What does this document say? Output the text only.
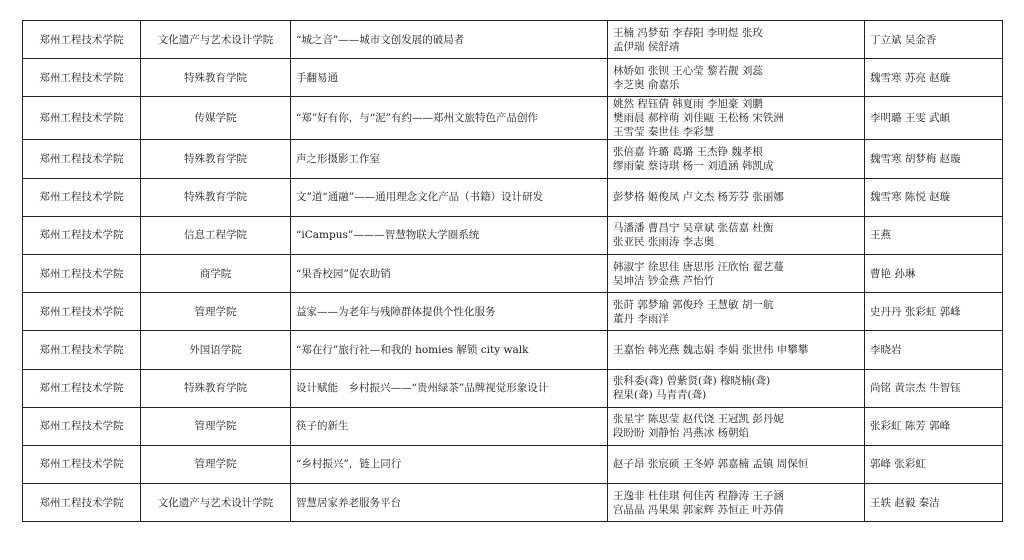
郑州工程技术学院	文化遗产与艺术设计学院	“城之音”——城市文创发展的破局者	王楠 冯梦茹 李春阳 李明煜 张玫
孟伊瑞 侯舒靖	丁立斌 吴金香
郑州工程技术学院	特殊教育学院	手翻易通	林娇如 张钡 王心莹 黎若靓 刘蕊
李芝奥 俞嘉乐	魏雪寒 苏亮 赵璇
郑州工程技术学院	传媒学院	“郑”好有你，与“泥”有约——郑州文旅特色产品创作	姚然 程钰倩 韩夏雨 李旭豪 刘鹏
樊雨晨 郝梓萌 刘佳甌 王松杨 宋铁洲
王雪莹 秦世佳 李彩慧	李明璐 王雯 武頔
郑州工程技术学院	特殊教育学院	声之形摄影工作室	张倍嘉 许璐 葛璐 王杰铮 魏孝根
缪雨蒙 蔡诗琪 杨一 刘逍涵 韩凯成	魏雪寒 胡梦梅 赵璇
郑州工程技术学院	特殊教育学院	文”道“通融”——通用理念文化产品（书籍）设计研发	彭梦格 姬俊凤 卢文杰 杨芳芬 张丽娜	魏雪寒 陈悦 赵璇
郑州工程技术学院	信息工程学院	“iCampus”———智慧物联大学圈系统	马潘潘 曹昌宁 吴章斌 张蓓嘉 杜衡
张亚民 张雨涛 李志奥	王燕
郑州工程技术学院	商学院	“果香校园”促农助销	韩淑宇 徐思佳 唐思彤 汪欣怡 翟艺蔓
吴坤洁 钞金燕 芦怡竹	曹艳 孙琳
郑州工程技术学院	管理学院	益家——为老年与残障群体提供个性化服务	张莳 郭梦瑜 郭俊玲 王慧敏 胡一航
董丹 李雨洋	史丹丹 张彩虹 郭峰
郑州工程技术学院	外国语学院	“郑在行”旅行社—和我的 homies 解锁 city walk	王嘉怡 韩光燕 魏志娟 李娟 张世伟 申攀攀	李晓岩
郑州工程技术学院	特殊教育学院	设计赋能　乡村振兴——“贵州绿茶”品牌视觉形象设计	张科委(聋) 曾紫贤(聋) 穆晓楠(聋)
程果(聋) 马青青(聋)	尚铭 黄宗杰 牛智钰
郑州工程技术学院	管理学院	筷子的新生	张星宇 陈思莹 赵代饶 王冠凯 彭丹妮
段盼盼 刘静怡 冯燕冰 杨朝焰	张彩虹 陈芳 郭峰
郑州工程技术学院	管理学院	“乡村振兴”，链上同行	赵子昂 张宸硕 王冬婷 郭嘉楠 孟镇 周保恒	郭峰 张彩虹
郑州工程技术学院	文化遗产与艺术设计学院	智慧居家养老服务平台	王逸非 杜佳琪 何佳芮 程静涛 王子涵
宫晶晶 冯果果 郭家辉 苏恒正 叶苏倩	王轶 赵毅 秦洁
